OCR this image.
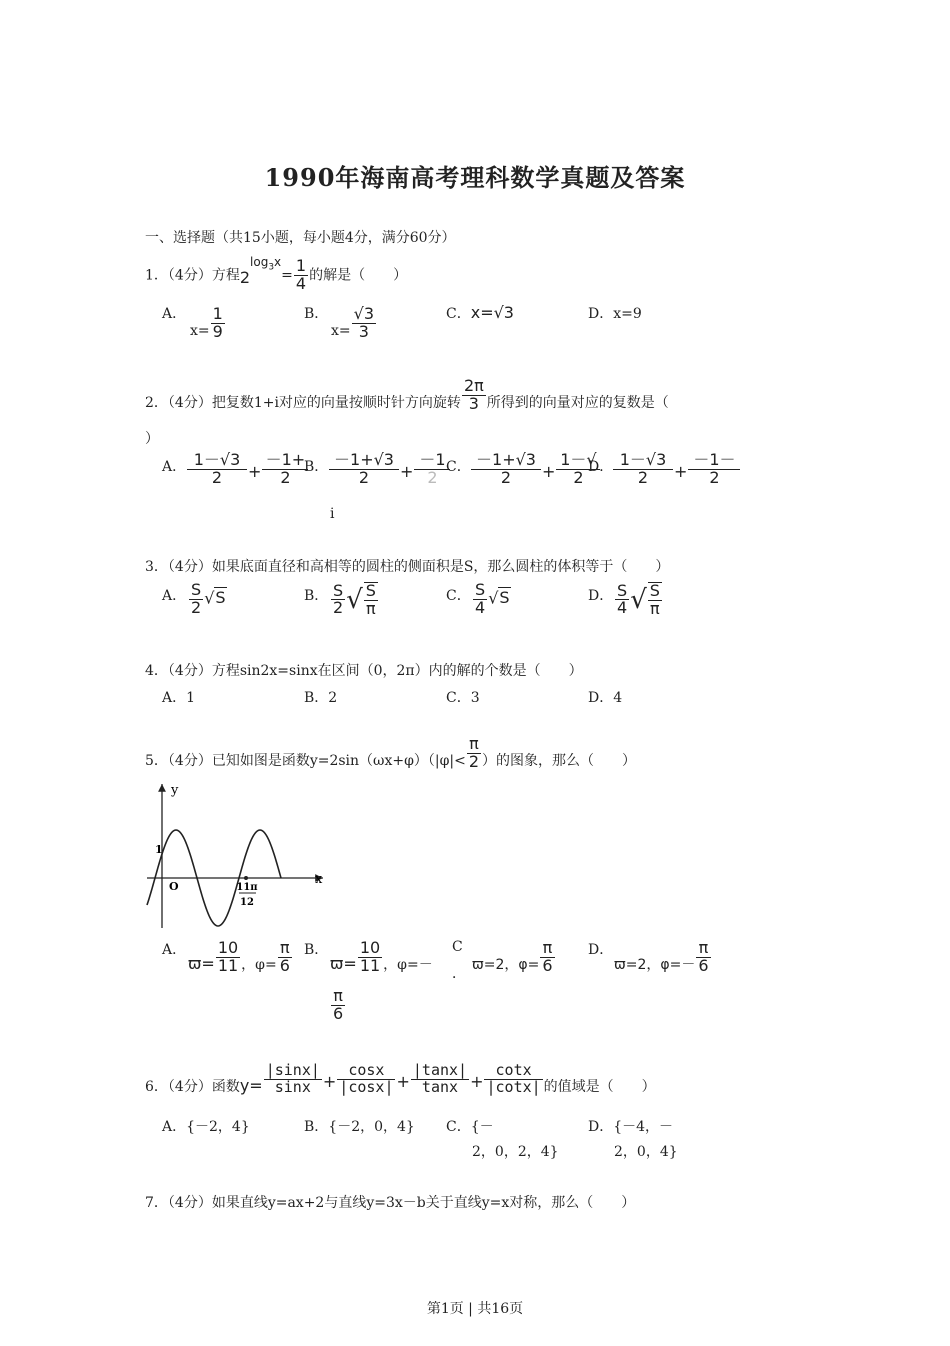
1990年海南高考理科数学真题及答案
一、选择题（共15小题，每小题4分，满分60分）
1．（4分）方程$2^{log_3x}= \frac{1}{4}$ 的解是（　　）
A．
$x= \frac{1}{9}$	B．
$x= \frac{√3}{3}$	C．x=√3	D．x=9
2．（4分）把复数1+i对应的向量按顺时针方向旋转 $\frac{2\pi}{3}$ 所得到的向量对应的复数是（
）
A． $\frac{1-√3}{2} + \frac{-1+}{2}$
B． $\frac{-1+√3}{2} + \frac{-1}{2}$
i
C． $\frac{-1+√3}{2} + \frac{1-√}{2}$
D． $\frac{1-√3}{2} + \frac{-1-}{2}$
3．（4分）如果底面直径和高相等的圆柱的侧面积是S，那么圆柱的体积等于（　　）
A． $\frac{S}{2} √S$	B． $\frac{S}{2}$ √ $\frac{S}{\pi}$	C． $\frac{S}{4} √S$	D． $\frac{S}{4}$ √ $\frac{S}{\pi}$
4．（4分）方程sin2x=sinx在区间（0，2π）内的解的个数是（　　）
A．1	B．2	C．3	D．4
5．（4分）已知如图是函数$y=2\sin(\omega x+\varphi)(|\varphi|< \frac{\pi}{2}$ ）的图象，那么（　　）
y
x
1
O	11π
12
A．
$ϖ= \frac{10}{11}$ ，$\varphi= \frac{\pi}{6}$ B．
$ϖ= \frac{10}{11}$ ，φ=－
$\frac{\pi}{6}$
C
．
ϖ=2，$\varphi= \frac{\pi}{6}$ D．
ϖ=2，$\varphi=- \frac{\pi}{6}$
6．（4分）函数$y= \frac{|\sin x|}{\sin x} + \frac{\cos x}{|\cos x|} + \frac{|\tan x|}{\tan x} + \frac{\cot x}{|\cot x|}$ 的值域是（　　）
A．{－2，4}	B．{－2，0，4} C．{－
2，0，2，4}
D．{－4，－
2，0，4}
7．（4分）如果直线y=ax+2与直线y=3x－b关于直线y=x对称，那么（　　）
第1页 | 共16页
